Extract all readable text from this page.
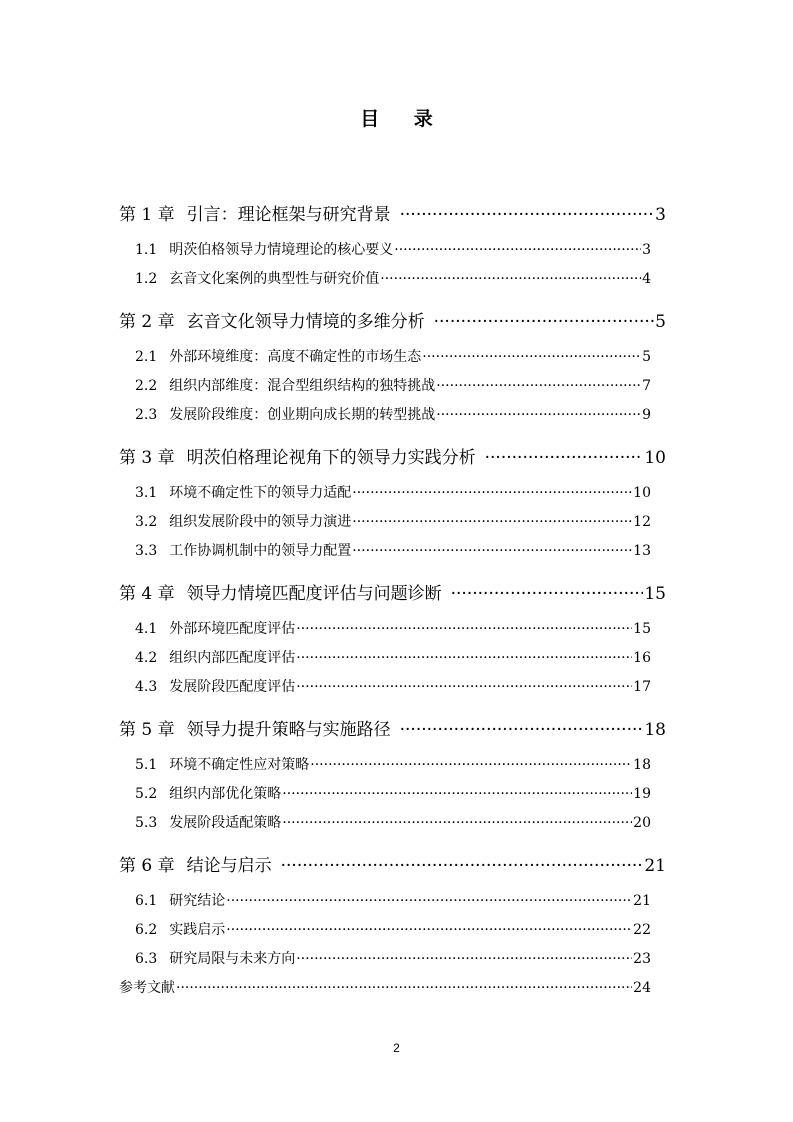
目 录
第 1 章 引言：理论框架与研究背景 ·····	3
1.1 明茨伯格领导力情境理论的核心要义 ·····	3
1.2 玄音文化案例的典型性与研究价值 ·····	4
第 2 章 玄音文化领导力情境的多维分析 ·····	5
2.1 外部环境维度：高度不确定性的市场生态 ·····	5
2.2 组织内部维度：混合型组织结构的独特挑战 ·····	7
2.3 发展阶段维度：创业期向成长期的转型挑战 ·····	9
第 3 章 明茨伯格理论视角下的领导力实践分析 ·····	10
3.1 环境不确定性下的领导力适配 ·····	10
3.2 组织发展阶段中的领导力演进 ·····	12
3.3 工作协调机制中的领导力配置 ·····	13
第 4 章 领导力情境匹配度评估与问题诊断 ·····	15
4.1 外部环境匹配度评估 ·····	15
4.2 组织内部匹配度评估 ·····	16
4.3 发展阶段匹配度评估 ·····	17
第 5 章 领导力提升策略与实施路径 ·····	18
5.1 环境不确定性应对策略 ·····	18
5.2 组织内部优化策略 ·····	19
5.3 发展阶段适配策略 ·····	20
第 6 章 结论与启示 ·····	21
6.1 研究结论 ·····	21
6.2 实践启示 ·····	22
6.3 研究局限与未来方向 ·····	23
参考文献 ·····	24
2
